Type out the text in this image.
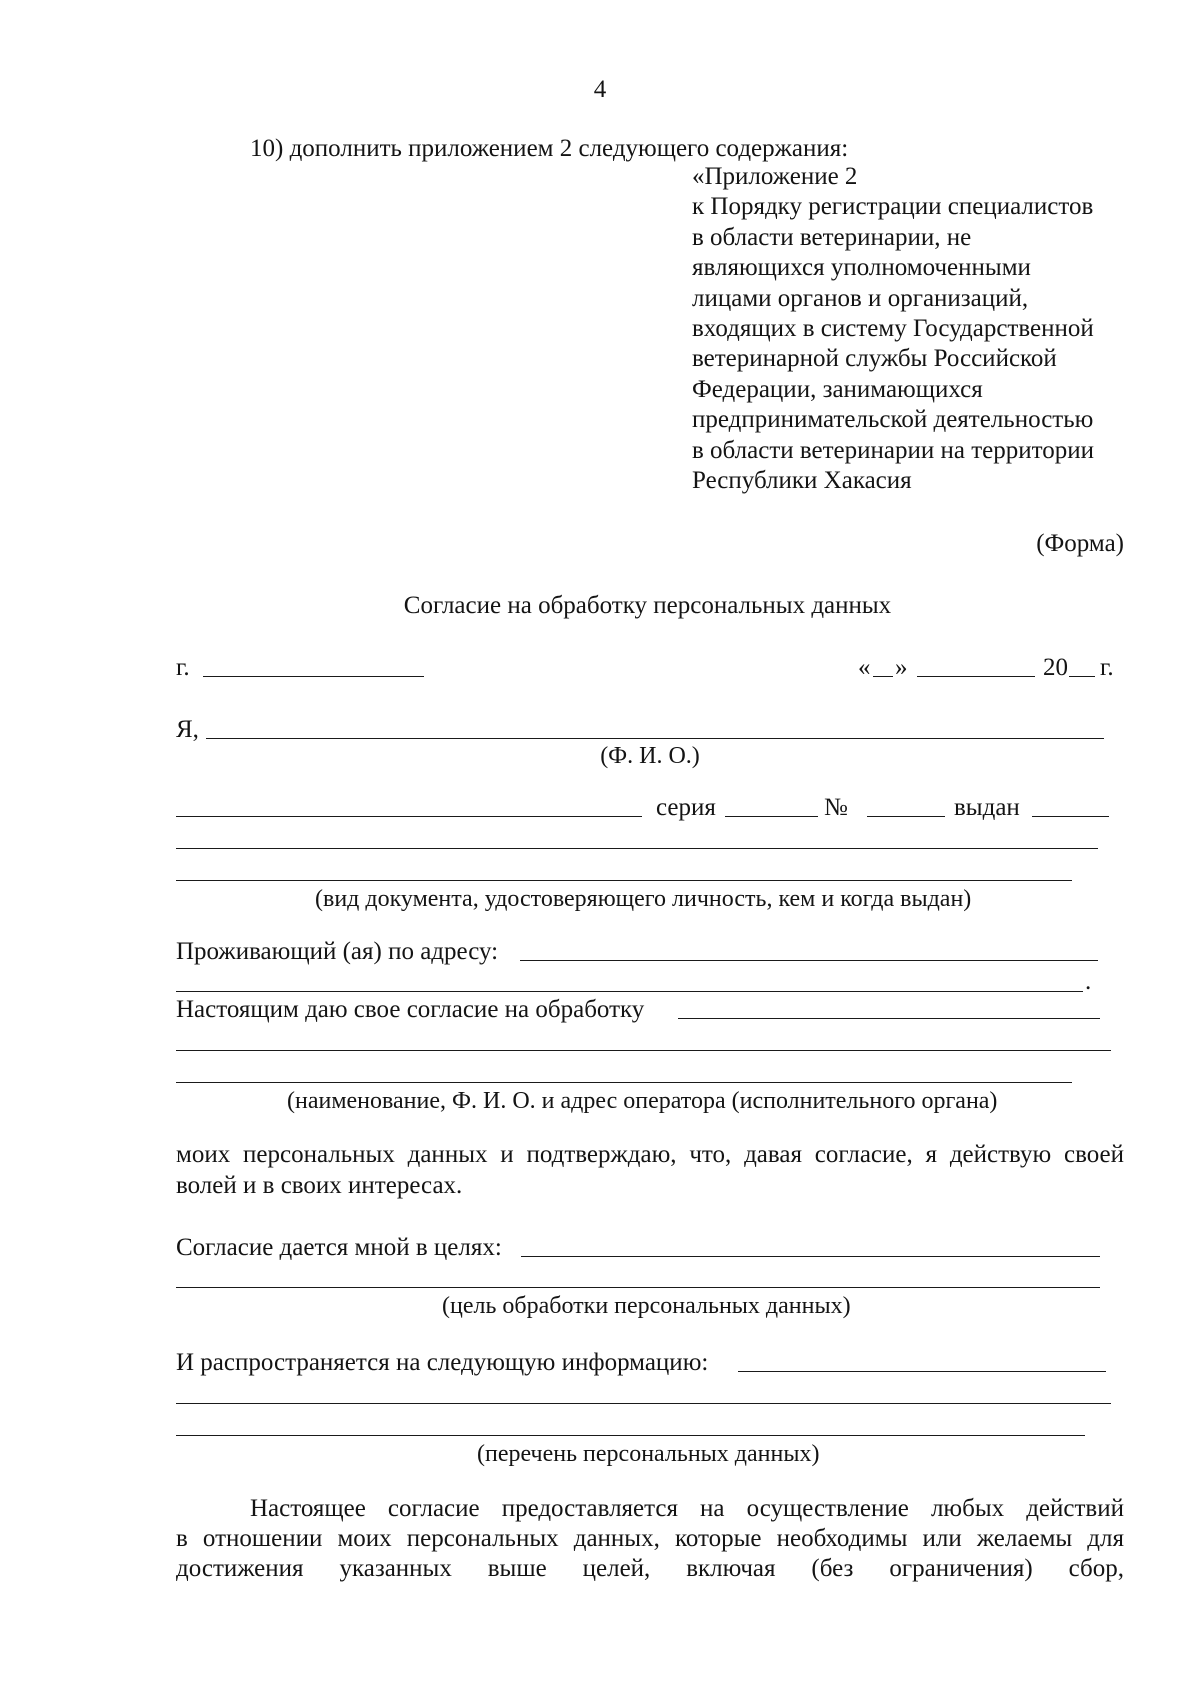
4
10) дополнить приложением 2 следующего содержания:
«Приложение 2
к Порядку регистрации специалистов
в области ветеринарии, не
являющихся уполномоченными
лицами органов и организаций,
входящих в систему Государственной
ветеринарной службы Российской
Федерации, занимающихся
предпринимательской деятельностью
в области ветеринарии на территории
Республики Хакасия
(Форма)
Согласие на обработку персональных данных
г.	« »	20 г.
Я,
(Ф. И. О.)
серия	№	выдан
(вид документа, удостоверяющего личность, кем и когда выдан)
Проживающий (ая) по адресу:
.
Настоящим даю свое согласие на обработку
(наименование, Ф. И. О. и адрес оператора (исполнительного органа)
моих персональных данных и подтверждаю, что, давая согласие, я действую своей
волей и в своих интересах.
Согласие дается мной в целях:
(цель обработки персональных данных)
И распространяется на следующую информацию:
(перечень персональных данных)
Настоящее согласие предоставляется на осуществление любых действий
в отношении моих персональных данных, которые необходимы или желаемы для
достижения указанных выше целей, включая (без ограничения) сбор,
